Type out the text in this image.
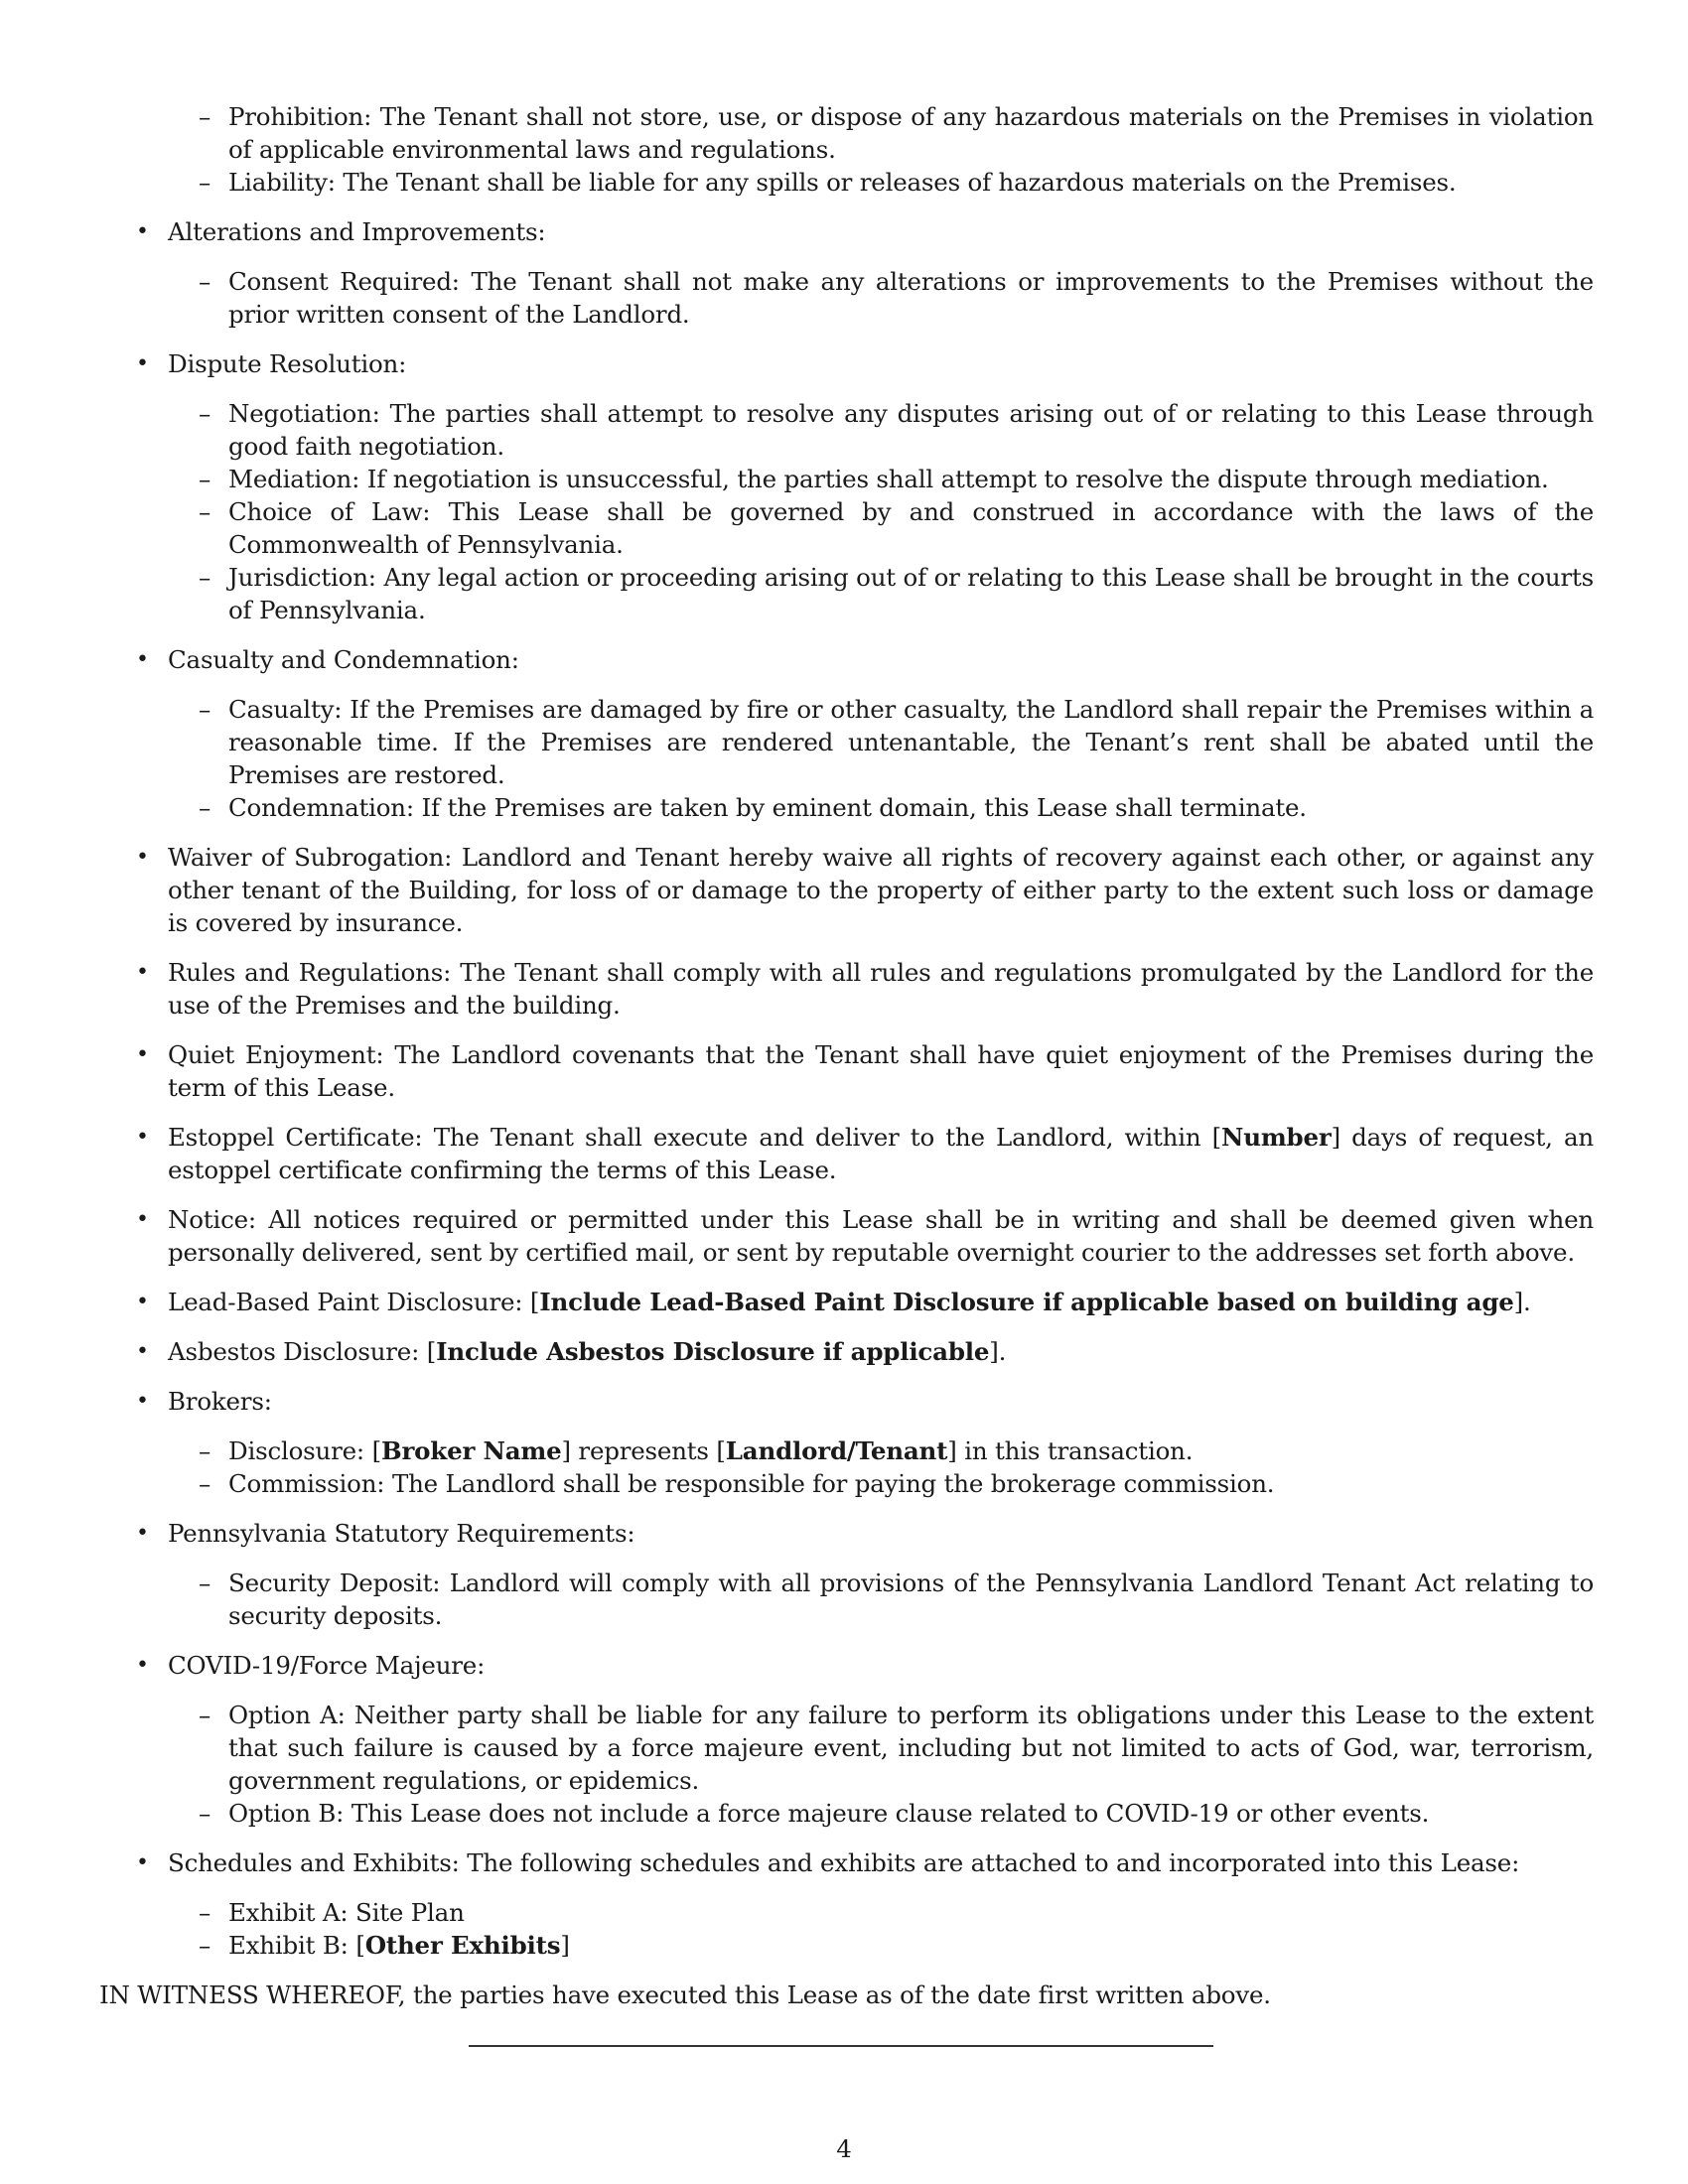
– Prohibition: The Tenant shall not store, use, or dispose of any hazardous materials on the Premises in violation of applicable environmental laws and regulations.
– Liability: The Tenant shall be liable for any spills or releases of hazardous materials on the Premises.
• Alterations and Improvements:
– Consent Required: The Tenant shall not make any alterations or improvements to the Premises without the prior written consent of the Landlord.
• Dispute Resolution:
– Negotiation: The parties shall attempt to resolve any disputes arising out of or relating to this Lease through good faith negotiation.
– Mediation: If negotiation is unsuccessful, the parties shall attempt to resolve the dispute through mediation.
– Choice of Law: This Lease shall be governed by and construed in accordance with the laws of the Commonwealth of Pennsylvania.
– Jurisdiction: Any legal action or proceeding arising out of or relating to this Lease shall be brought in the courts of Pennsylvania.
• Casualty and Condemnation:
– Casualty: If the Premises are damaged by fire or other casualty, the Landlord shall repair the Premises within a reasonable time. If the Premises are rendered untenantable, the Tenant’s rent shall be abated until the Premises are restored.
– Condemnation: If the Premises are taken by eminent domain, this Lease shall terminate.
• Waiver of Subrogation: Landlord and Tenant hereby waive all rights of recovery against each other, or against any other tenant of the Building, for loss of or damage to the property of either party to the extent such loss or damage is covered by insurance.
• Rules and Regulations: The Tenant shall comply with all rules and regulations promulgated by the Landlord for the use of the Premises and the building.
• Quiet Enjoyment: The Landlord covenants that the Tenant shall have quiet enjoyment of the Premises during the term of this Lease.
• Estoppel Certificate: The Tenant shall execute and deliver to the Landlord, within [Number] days of request, an estoppel certificate confirming the terms of this Lease.
• Notice: All notices required or permitted under this Lease shall be in writing and shall be deemed given when personally delivered, sent by certified mail, or sent by reputable overnight courier to the addresses set forth above.
• Lead-Based Paint Disclosure: [Include Lead-Based Paint Disclosure if applicable based on building age].
• Asbestos Disclosure: [Include Asbestos Disclosure if applicable].
• Brokers:
– Disclosure: [Broker Name] represents [Landlord/Tenant] in this transaction.
– Commission: The Landlord shall be responsible for paying the brokerage commission.
• Pennsylvania Statutory Requirements:
– Security Deposit: Landlord will comply with all provisions of the Pennsylvania Landlord Tenant Act relating to security deposits.
• COVID-19/Force Majeure:
– Option A: Neither party shall be liable for any failure to perform its obligations under this Lease to the extent that such failure is caused by a force majeure event, including but not limited to acts of God, war, terrorism, government regulations, or epidemics.
– Option B: This Lease does not include a force majeure clause related to COVID-19 or other events.
• Schedules and Exhibits: The following schedules and exhibits are attached to and incorporated into this Lease:
– Exhibit A: Site Plan
– Exhibit B: [Other Exhibits]
IN WITNESS WHEREOF, the parties have executed this Lease as of the date first written above.
4
